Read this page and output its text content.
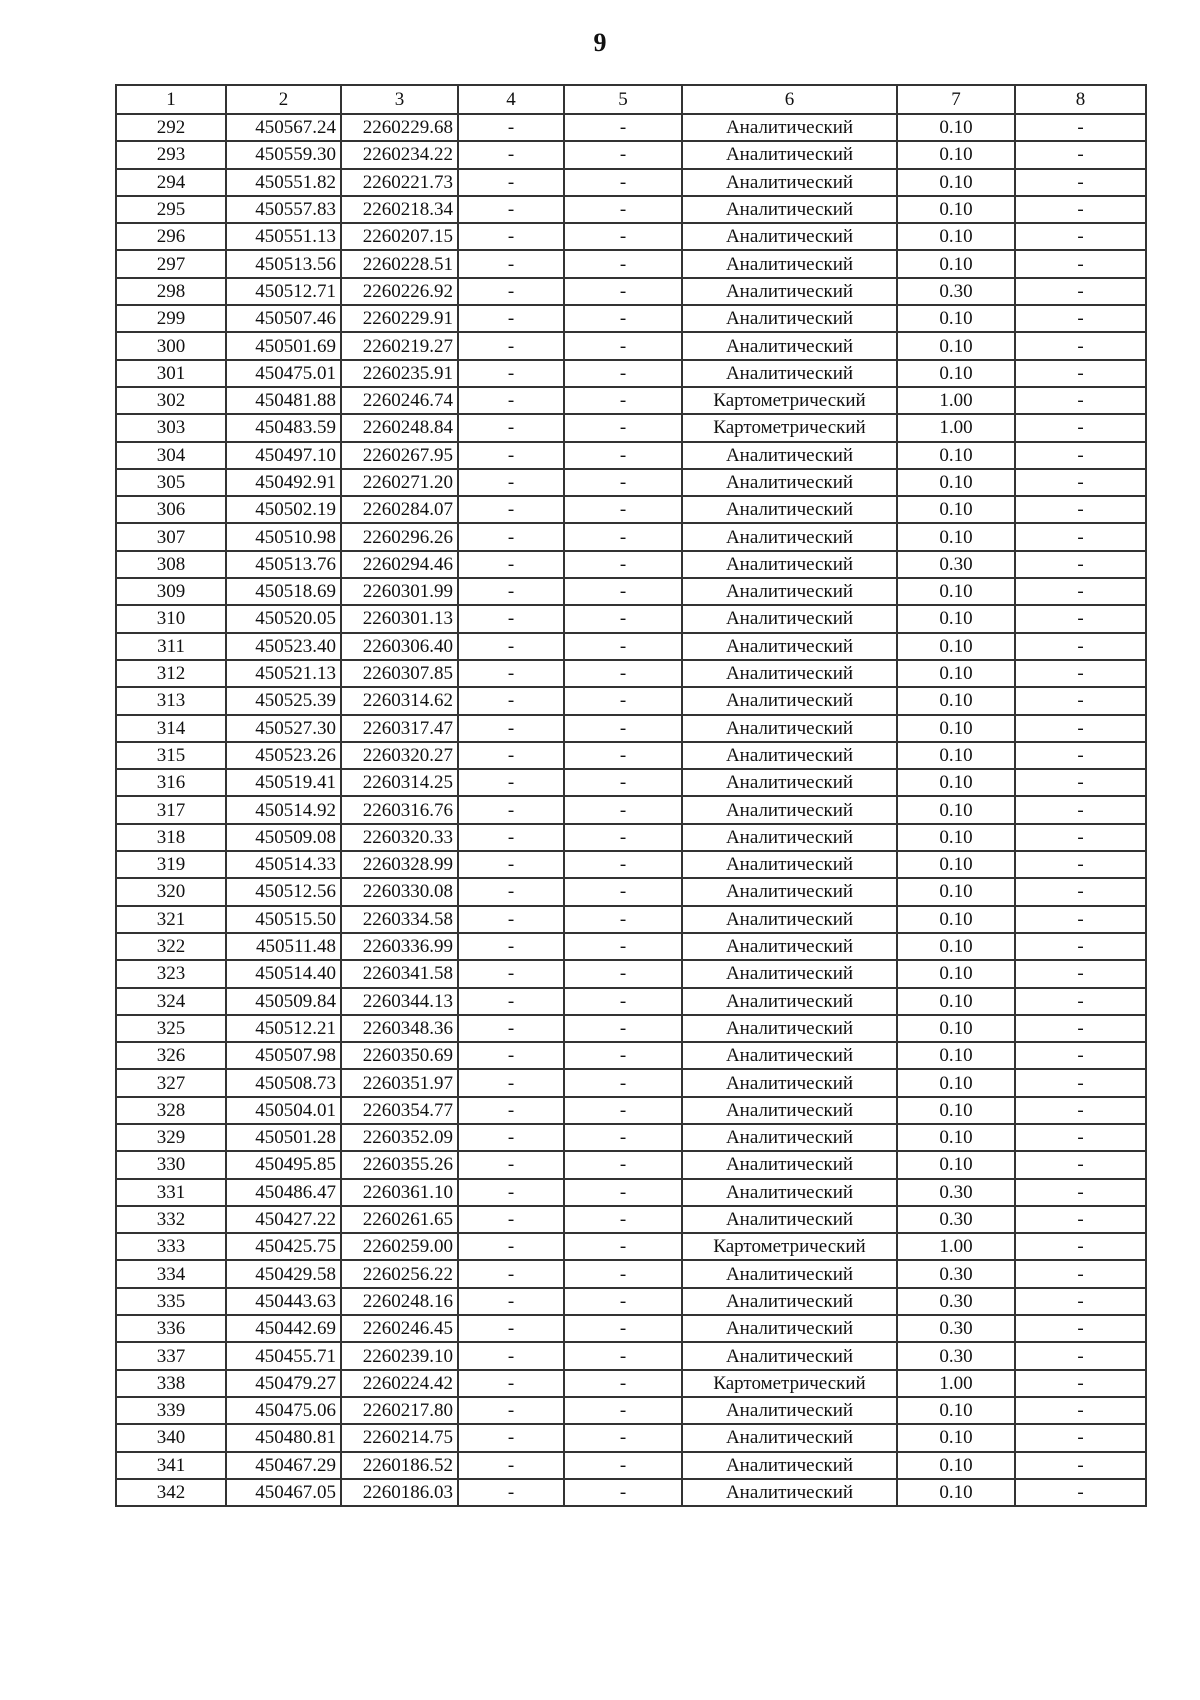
9
1	2	3	4	5	6	7	8
292	450567.24	2260229.68	-	-	Аналитический	0.10	-
293	450559.30	2260234.22	-	-	Аналитический	0.10	-
294	450551.82	2260221.73	-	-	Аналитический	0.10	-
295	450557.83	2260218.34	-	-	Аналитический	0.10	-
296	450551.13	2260207.15	-	-	Аналитический	0.10	-
297	450513.56	2260228.51	-	-	Аналитический	0.10	-
298	450512.71	2260226.92	-	-	Аналитический	0.30	-
299	450507.46	2260229.91	-	-	Аналитический	0.10	-
300	450501.69	2260219.27	-	-	Аналитический	0.10	-
301	450475.01	2260235.91	-	-	Аналитический	0.10	-
302	450481.88	2260246.74	-	-	Картометрический	1.00	-
303	450483.59	2260248.84	-	-	Картометрический	1.00	-
304	450497.10	2260267.95	-	-	Аналитический	0.10	-
305	450492.91	2260271.20	-	-	Аналитический	0.10	-
306	450502.19	2260284.07	-	-	Аналитический	0.10	-
307	450510.98	2260296.26	-	-	Аналитический	0.10	-
308	450513.76	2260294.46	-	-	Аналитический	0.30	-
309	450518.69	2260301.99	-	-	Аналитический	0.10	-
310	450520.05	2260301.13	-	-	Аналитический	0.10	-
311	450523.40	2260306.40	-	-	Аналитический	0.10	-
312	450521.13	2260307.85	-	-	Аналитический	0.10	-
313	450525.39	2260314.62	-	-	Аналитический	0.10	-
314	450527.30	2260317.47	-	-	Аналитический	0.10	-
315	450523.26	2260320.27	-	-	Аналитический	0.10	-
316	450519.41	2260314.25	-	-	Аналитический	0.10	-
317	450514.92	2260316.76	-	-	Аналитический	0.10	-
318	450509.08	2260320.33	-	-	Аналитический	0.10	-
319	450514.33	2260328.99	-	-	Аналитический	0.10	-
320	450512.56	2260330.08	-	-	Аналитический	0.10	-
321	450515.50	2260334.58	-	-	Аналитический	0.10	-
322	450511.48	2260336.99	-	-	Аналитический	0.10	-
323	450514.40	2260341.58	-	-	Аналитический	0.10	-
324	450509.84	2260344.13	-	-	Аналитический	0.10	-
325	450512.21	2260348.36	-	-	Аналитический	0.10	-
326	450507.98	2260350.69	-	-	Аналитический	0.10	-
327	450508.73	2260351.97	-	-	Аналитический	0.10	-
328	450504.01	2260354.77	-	-	Аналитический	0.10	-
329	450501.28	2260352.09	-	-	Аналитический	0.10	-
330	450495.85	2260355.26	-	-	Аналитический	0.10	-
331	450486.47	2260361.10	-	-	Аналитический	0.30	-
332	450427.22	2260261.65	-	-	Аналитический	0.30	-
333	450425.75	2260259.00	-	-	Картометрический	1.00	-
334	450429.58	2260256.22	-	-	Аналитический	0.30	-
335	450443.63	2260248.16	-	-	Аналитический	0.30	-
336	450442.69	2260246.45	-	-	Аналитический	0.30	-
337	450455.71	2260239.10	-	-	Аналитический	0.30	-
338	450479.27	2260224.42	-	-	Картометрический	1.00	-
339	450475.06	2260217.80	-	-	Аналитический	0.10	-
340	450480.81	2260214.75	-	-	Аналитический	0.10	-
341	450467.29	2260186.52	-	-	Аналитический	0.10	-
342	450467.05	2260186.03	-	-	Аналитический	0.10	-
